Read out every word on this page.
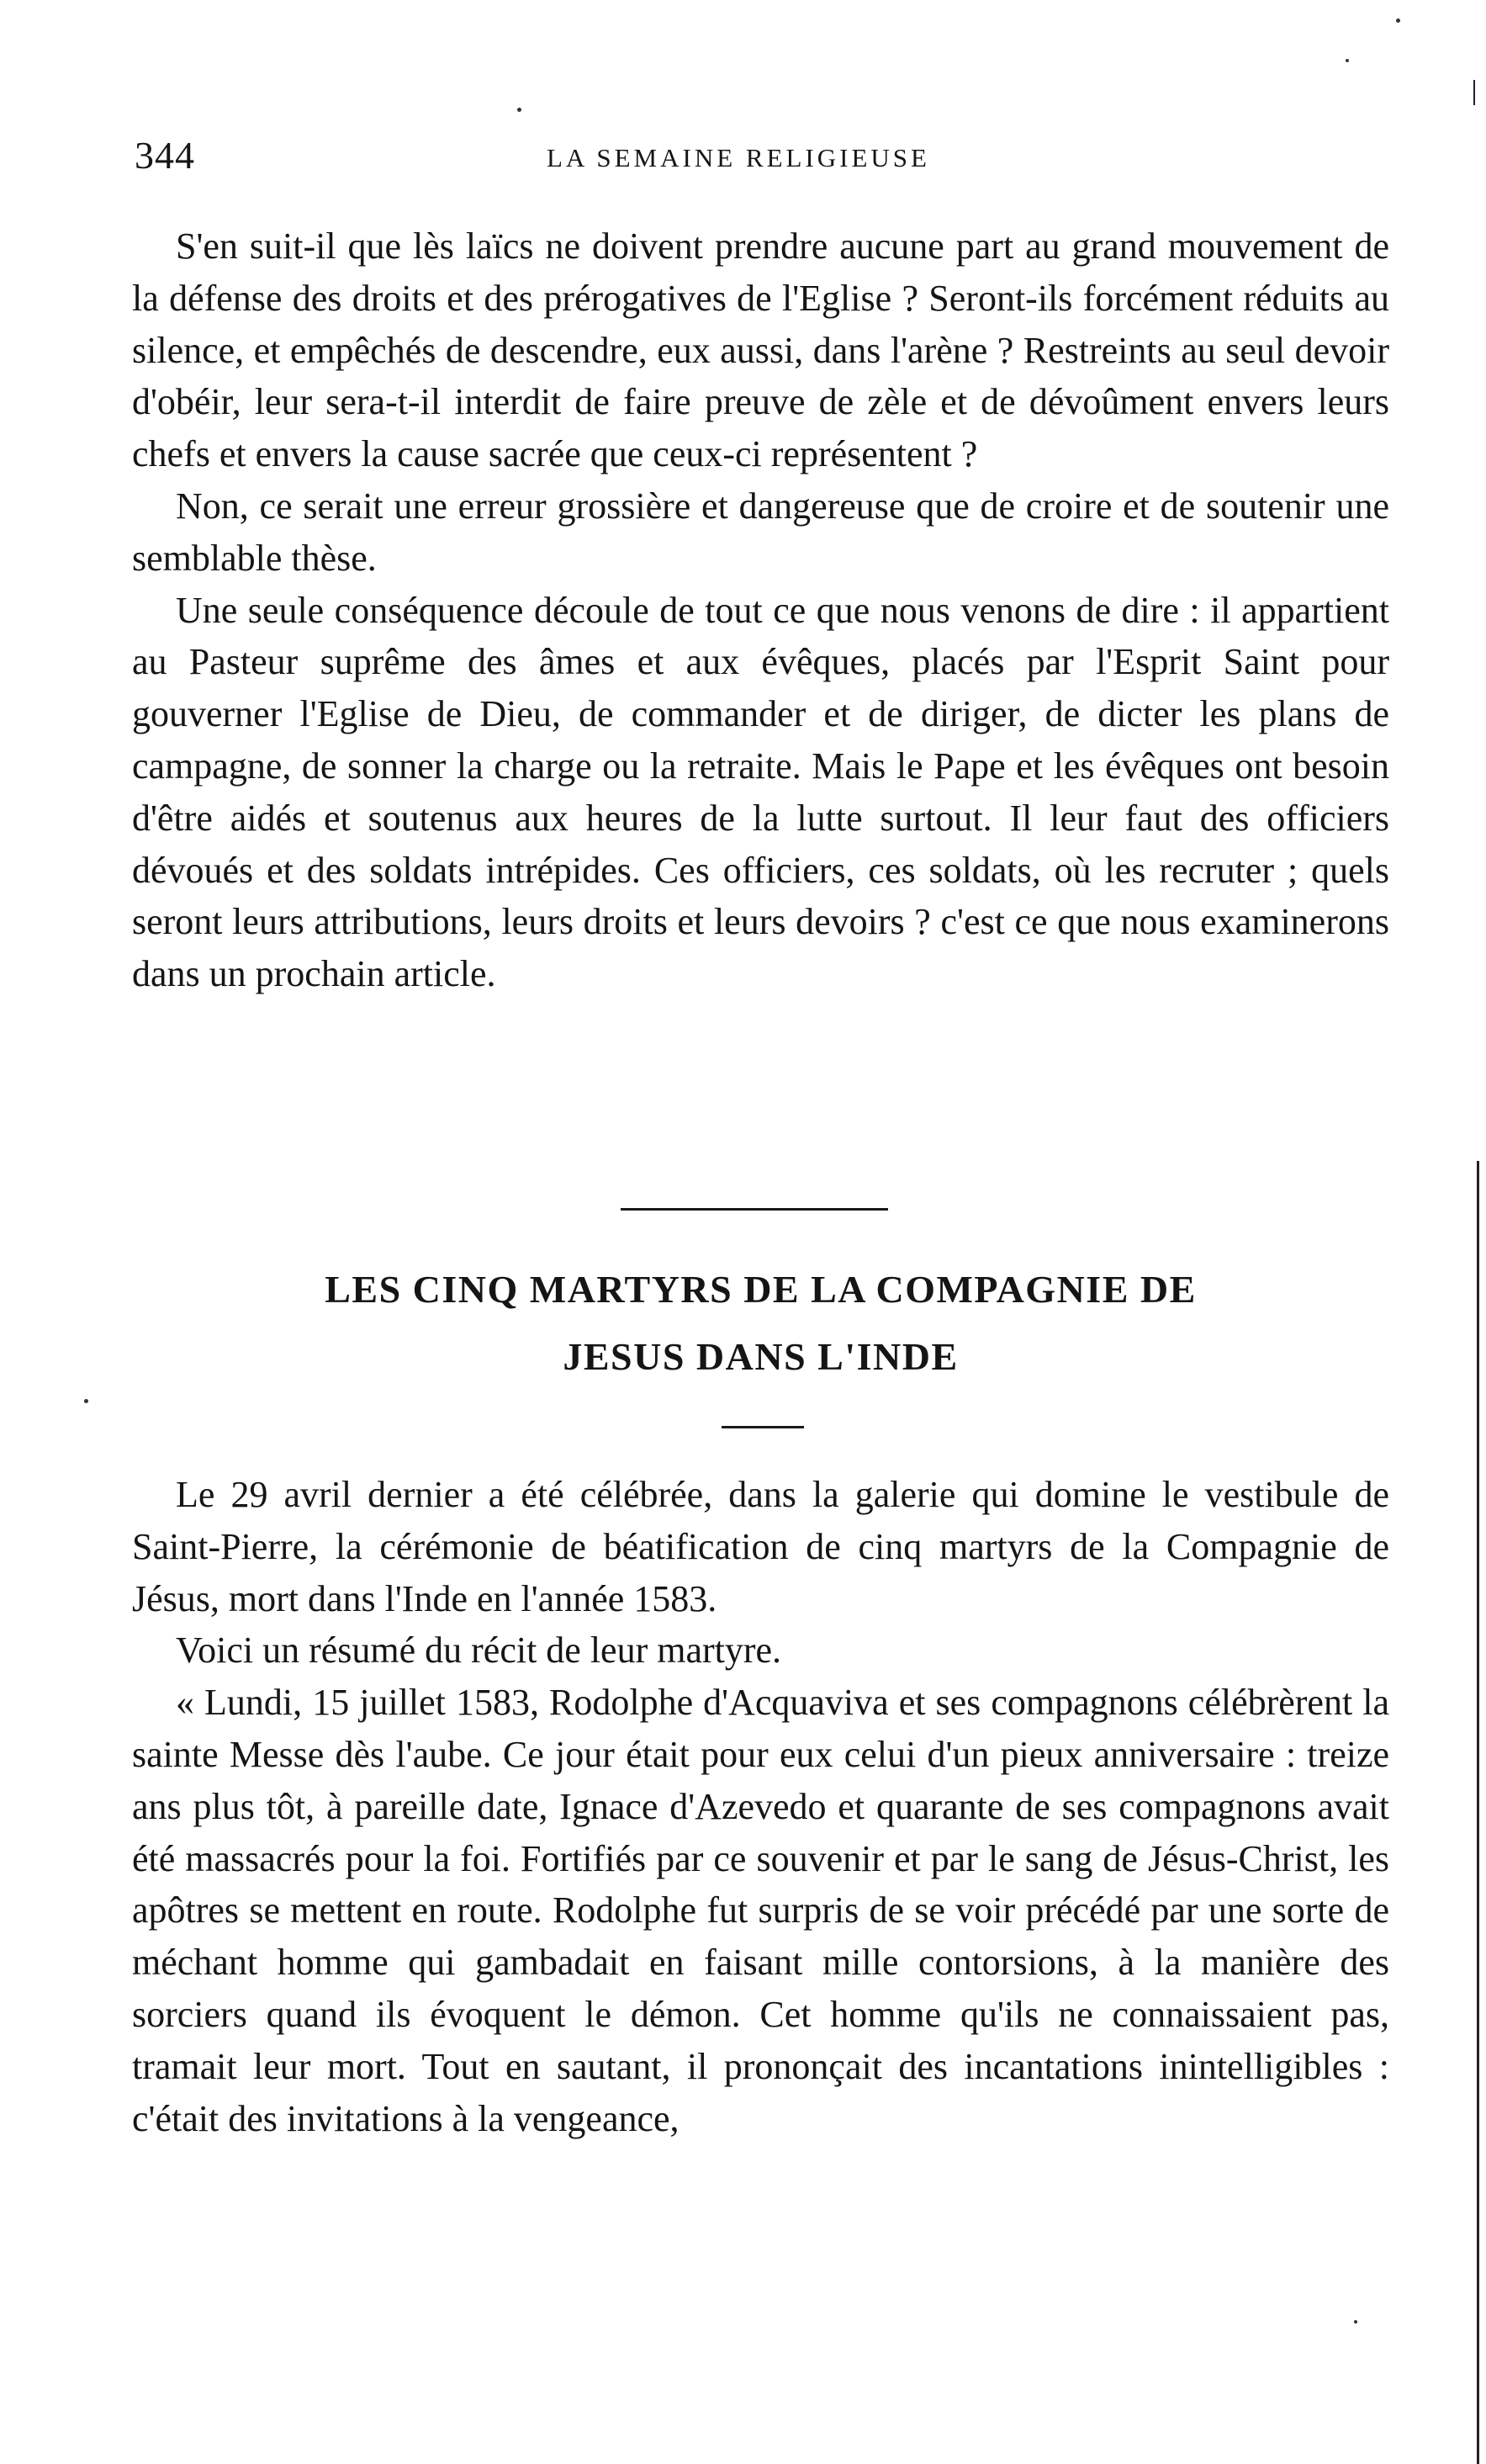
344	LA SEMAINE RELIGIEUSE

S'en suit-il que lès laïcs ne doivent prendre aucune part au grand mouvement de la défense des droits et des prérogatives de l'Eglise ? Seront-ils forcément réduits au silence, et empêchés de descendre, eux aussi, dans l'arène ? Restreints au seul devoir d'obéir, leur sera-t-il interdit de faire preuve de zèle et de dévoûment envers leurs chefs et envers la cause sacrée que ceux-ci représentent ?

Non, ce serait une erreur grossière et dangereuse que de croire et de soutenir une semblable thèse.

Une seule conséquence découle de tout ce que nous venons de dire : il appartient au Pasteur suprême des âmes et aux évêques, placés par l'Esprit Saint pour gouverner l'Eglise de Dieu, de commander et de diriger, de dicter les plans de campagne, de sonner la charge ou la retraite. Mais le Pape et les évêques ont besoin d'être aidés et soutenus aux heures de la lutte surtout. Il leur faut des officiers dévoués et des soldats intrépides. Ces officiers, ces soldats, où les recruter ; quels seront leurs attributions, leurs droits et leurs devoirs ? c'est ce que nous examinerons dans un prochain article.

LES CINQ MARTYRS DE LA COMPAGNIE DE
JESUS DANS L'INDE

Le 29 avril dernier a été célébrée, dans la galerie qui domine le vestibule de Saint-Pierre, la cérémonie de béatification de cinq martyrs de la Compagnie de Jésus, mort dans l'Inde en l'année 1583.

Voici un résumé du récit de leur martyre.

« Lundi, 15 juillet 1583, Rodolphe d'Acquaviva et ses compagnons célébrèrent la sainte Messe dès l'aube. Ce jour était pour eux celui d'un pieux anniversaire : treize ans plus tôt, à pareille date, Ignace d'Azevedo et quarante de ses compagnons avait été massacrés pour la foi. Fortifiés par ce souvenir et par le sang de Jésus-Christ, les apôtres se mettent en route. Rodolphe fut surpris de se voir précédé par une sorte de méchant homme qui gambadait en faisant mille contorsions, à la manière des sorciers quand ils évoquent le démon. Cet homme qu'ils ne connaissaient pas, tramait leur mort. Tout en sautant, il prononçait des incantations inintelligibles : c'était des invitations à la vengeance,
